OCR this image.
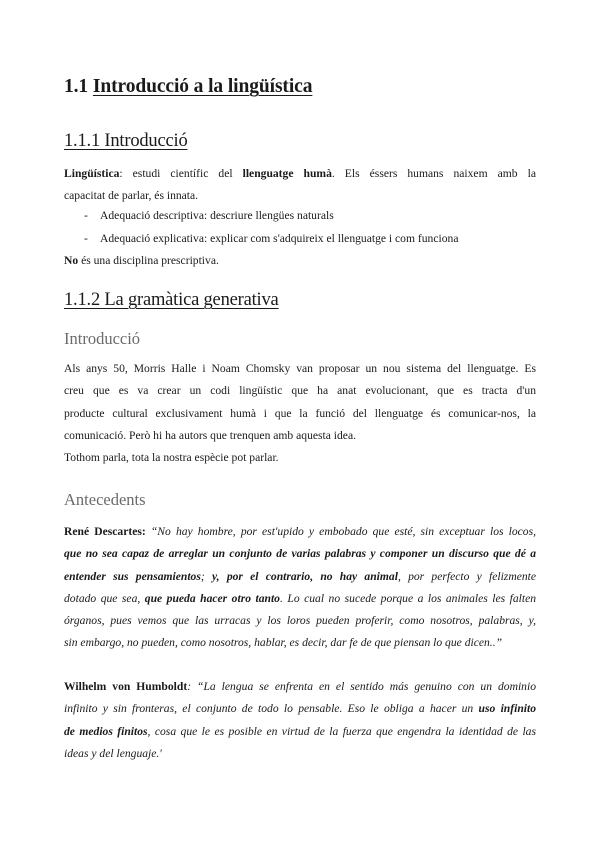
1.1 Introducció a la lingüística
1.1.1 Introducció
Lingüística: estudi científic del llenguatge humà. Els éssers humans naixem amb la
capacitat de parlar, és innata.
- Adequació descriptiva: descriure llengües naturals
- Adequació explicativa: explicar com s'adquireix el llenguatge i com funciona
No és una disciplina prescriptiva.
1.1.2 La gramàtica generativa
Introducció
Als anys 50, Morris Halle i Noam Chomsky van proposar un nou sistema del llenguatge. Es
creu que es va crear un codi lingüístic que ha anat evolucionant, que es tracta d'un
producte cultural exclusivament humà i que la funció del llenguatge és comunicar-nos, la
comunicació. Però hi ha autors que trenquen amb aquesta idea.
Tothom parla, tota la nostra espècie pot parlar.
Antecedents
René Descartes: “No hay hombre, por est'upido y embobado que esté, sin exceptuar los locos,
que no sea capaz de arreglar un conjunto de varias palabras y componer un discurso que dé a
entender sus pensamientos; y, por el contrario, no hay animal, por perfecto y felizmente
dotado que sea, que pueda hacer otro tanto. Lo cual no sucede porque a los animales les falten
órganos, pues vemos que las urracas y los loros pueden proferir, como nosotros, palabras, y,
sin embargo, no pueden, como nosotros, hablar, es decir, dar fe de que piensan lo que dicen..”
Wilhelm von Humboldt: “La lengua se enfrenta en el sentido más genuino con un dominio
infinito y sin fronteras, el conjunto de todo lo pensable. Eso le obliga a hacer un uso infinito
de medios finitos, cosa que le es posible en virtud de la fuerza que engendra la identidad de las
ideas y del lenguaje.'
